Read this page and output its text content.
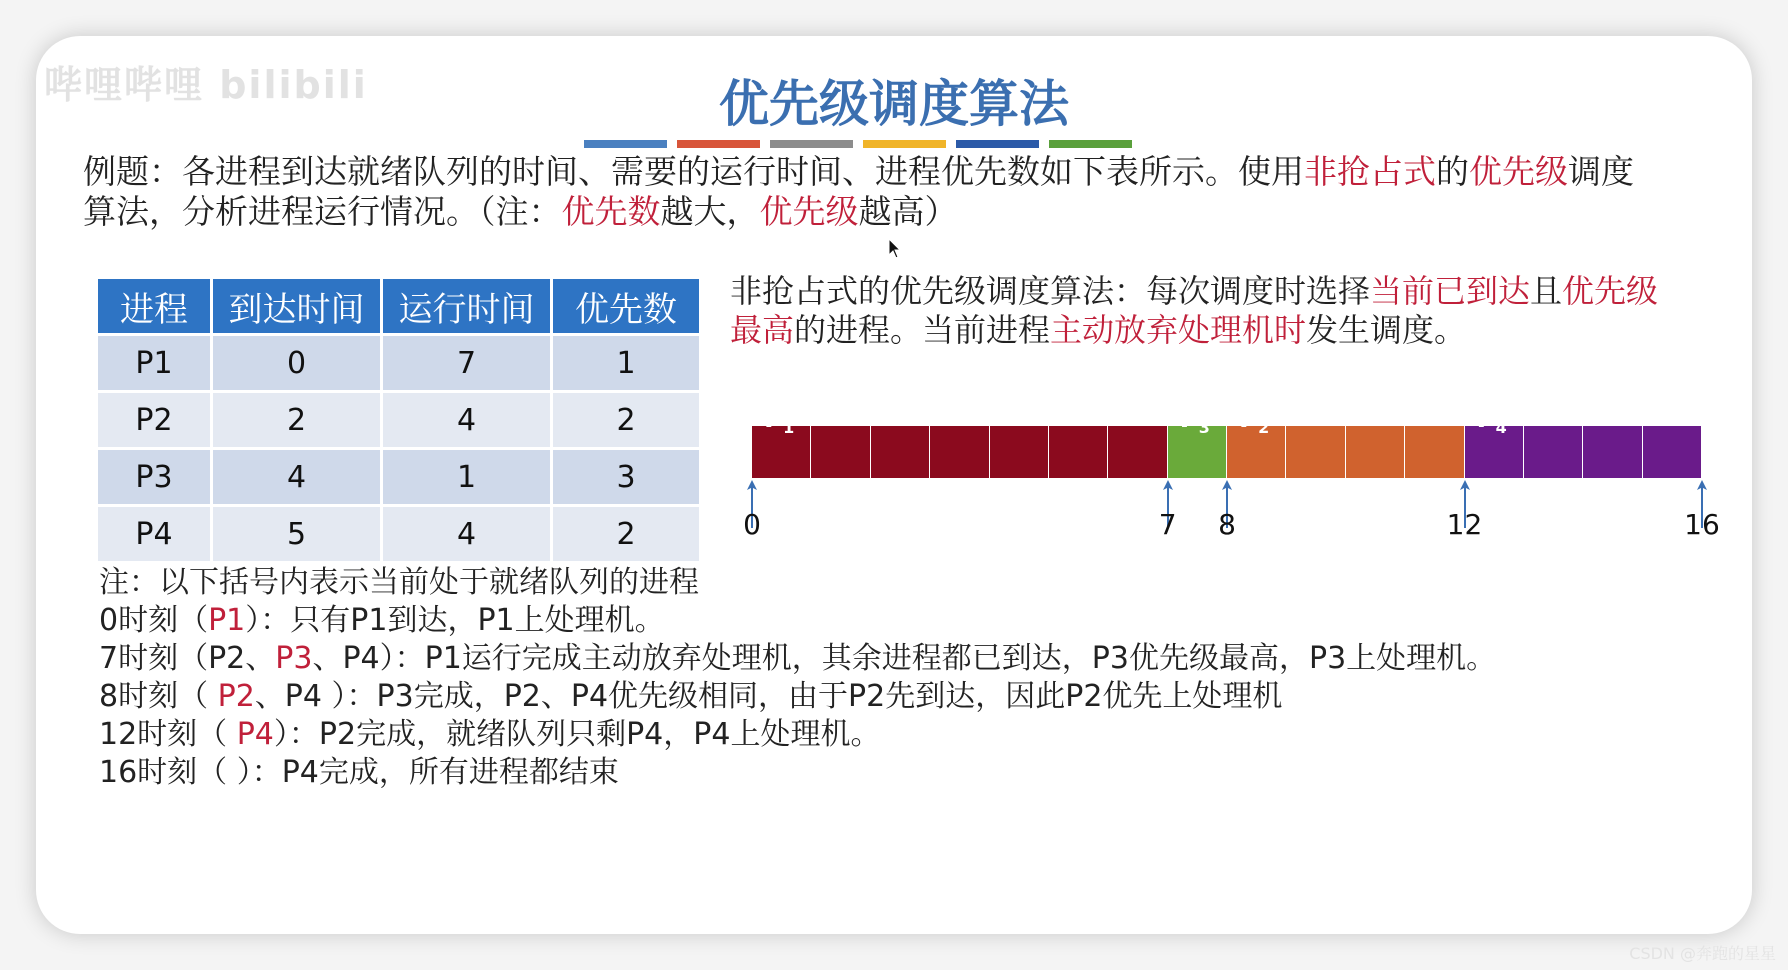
哔哩哔哩 bilibili	优先级调度算法
例题：各进程到达就绪队列的时间、需要的运行时间、进程优先数如下表所示。使用非抢占式的优先级调度算法，分析进程运行情况。（注：优先数越大，优先级越高）
进程	到达时间	运行时间	优先数
P1	0	7	1
P2	2	4	2
P3	4	1	3
P4	5	4	2
非抢占式的优先级调度算法：每次调度时选择当前已到达且优先级最高的进程。当前进程主动放弃处理机时发生调度。
$P_1$	$P_3$ $P_2$	$P_4$
0	7 8	12	16
注：以下括号内表示当前处于就绪队列的进程
0时刻（P1）：只有P1到达，P1上处理机。
7时刻（P2、P3、P4）：P1运行完成主动放弃处理机，其余进程都已到达，P3优先级最高，P3上处理机。
8时刻（ P2、P4 ）：P3完成，P2、P4优先级相同，由于P2先到达，因此P2优先上处理机
12时刻（ P4）：P2完成，就绪队列只剩P4，P4上处理机。
16时刻（ ）：P4完成，所有进程都结束
CSDN @奔跑的星星
